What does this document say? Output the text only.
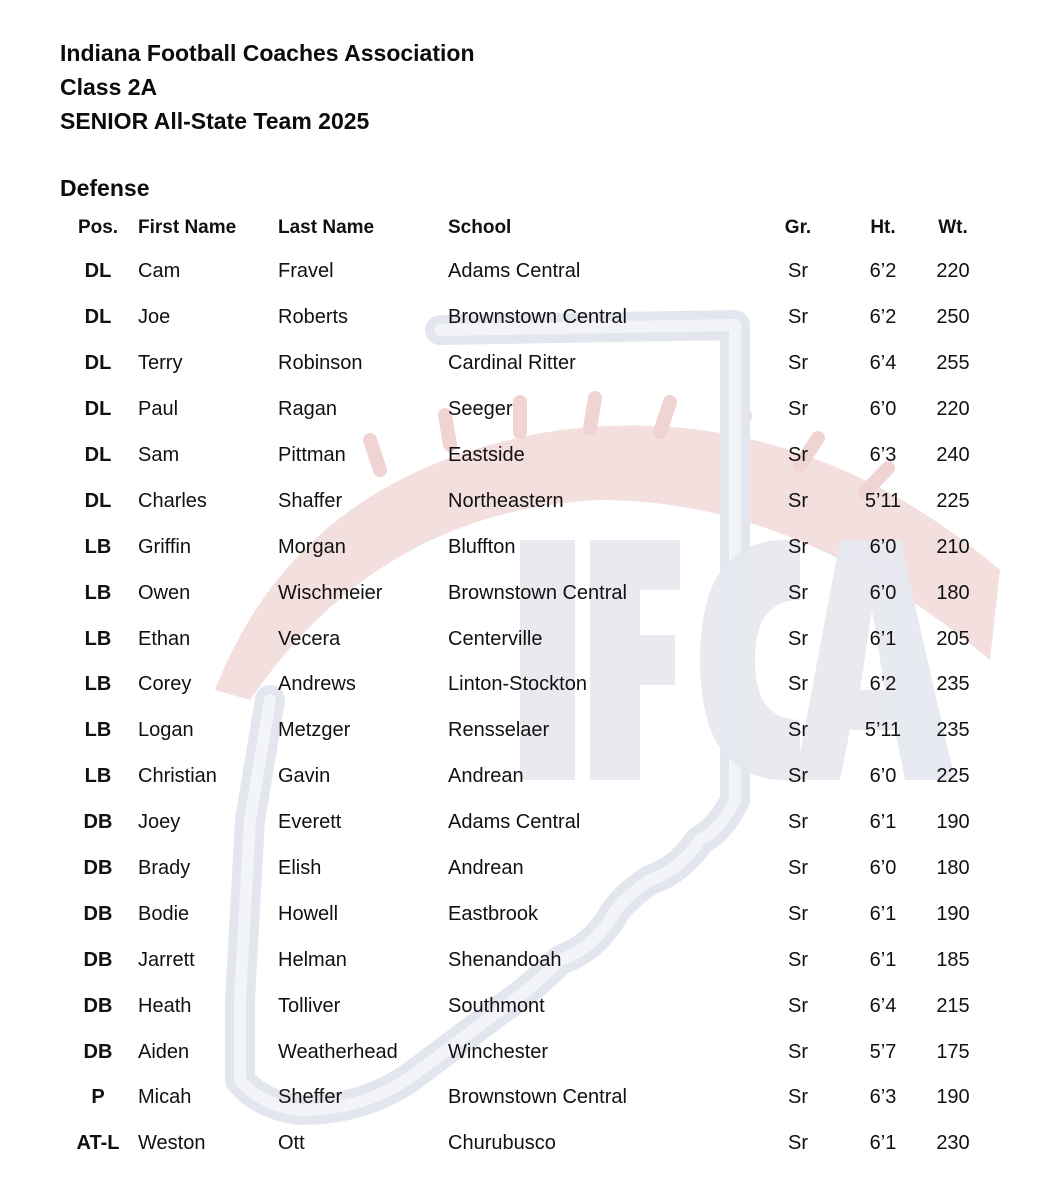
Indiana Football Coaches Association
Class 2A
SENIOR All-State Team 2025
Defense
Pos.	First Name	Last Name	School	Gr.	Ht.	Wt.
DL	Cam	Fravel	Adams Central	Sr	6’2	220
DL	Joe	Roberts	Brownstown Central	Sr	6’2	250
DL	Terry	Robinson	Cardinal Ritter	Sr	6’4	255
DL	Paul	Ragan	Seeger	Sr	6’0	220
DL	Sam	Pittman	Eastside	Sr	6’3	240
DL	Charles	Shaffer	Northeastern	Sr	5’11	225
LB	Griffin	Morgan	Bluffton	Sr	6’0	210
LB	Owen	Wischmeier	Brownstown Central	Sr	6’0	180
LB	Ethan	Vecera	Centerville	Sr	6’1	205
LB	Corey	Andrews	Linton-Stockton	Sr	6’2	235
LB	Logan	Metzger	Rensselaer	Sr	5’11	235
LB	Christian	Gavin	Andrean	Sr	6’0	225
DB	Joey	Everett	Adams Central	Sr	6’1	190
DB	Brady	Elish	Andrean	Sr	6’0	180
DB	Bodie	Howell	Eastbrook	Sr	6’1	190
DB	Jarrett	Helman	Shenandoah	Sr	6’1	185
DB	Heath	Tolliver	Southmont	Sr	6’4	215
DB	Aiden	Weatherhead	Winchester	Sr	5’7	175
P	Micah	Sheffer	Brownstown Central	Sr	6’3	190
AT-L	Weston	Ott	Churubusco	Sr	6’1	230
